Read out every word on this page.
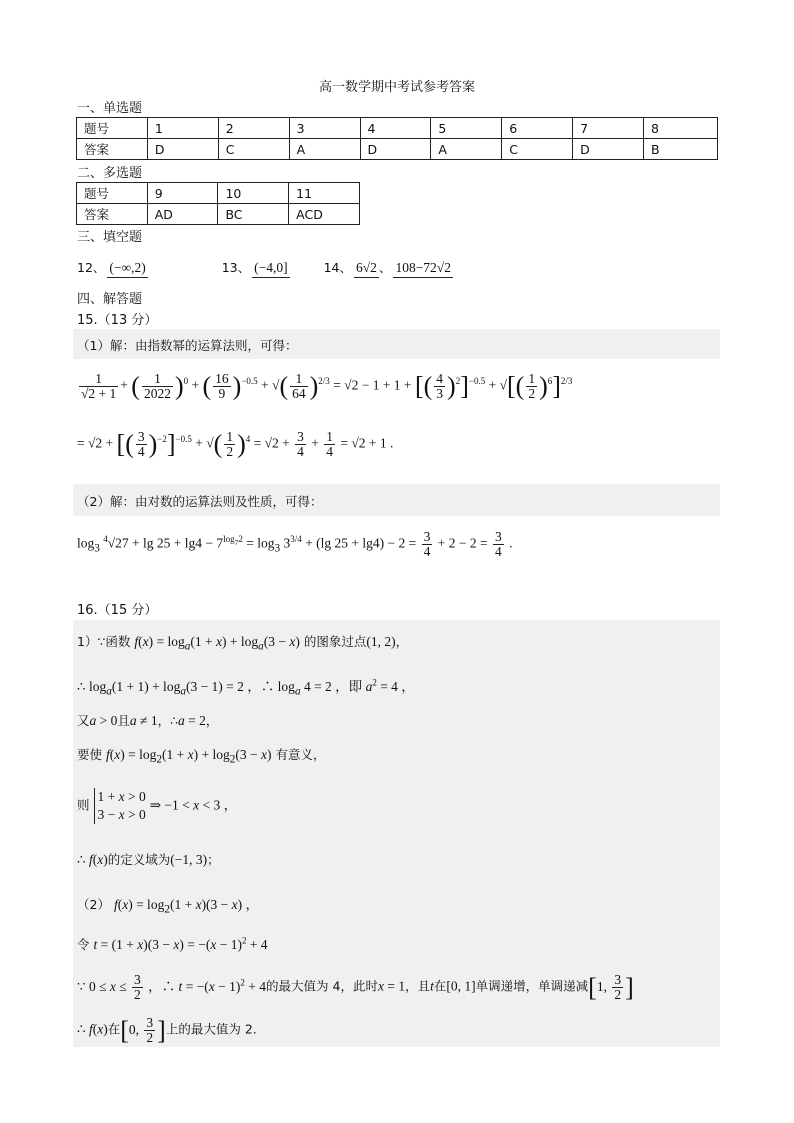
高一数学期中考试参考答案
一、单选题
题号	1	2	3	4	5	6	7	8
答案	D	C	A	D	A	C	D	B
二、多选题
题号	9	10	11
答案	AD	BC	ACD
三、填空题
12、 (−∞,2)	13、 (−4,0]	14、 6√2 、 108−72√2
四、解答题
15.（13 分）
（1）解：由指数幂的运算法则，可得：
$\frac{1}{√2 + 1}$ + ( $\frac{1}{2022} )^0$ + ( $\frac{16}{9} )^{-0.5}$ + √( $\frac{1}{64} )^{2/3} = √2 - 1 + 1$ + [( $\frac{4}{3} )^2]^{-0.5}$ + √[( $\frac{1}{2} )^6]^{2/3}$
= √2 + [( $\frac{3}{4} )^{-2}]^{-0.5}$ + √( $\frac{1}{2} )^4 = √2 + \frac{3}{4} + \frac{1}{4} = √2 + 1$ .
（2）解：由对数的运算法则及性质，可得：
$\log_3 ^4√27 + \lg 25 + \lg 4 - 7^{log_72} = \log_3 3^{3/4} + (\lg$ $25 + \lg 4) - 2 = \frac{3}{4} + 2 - 2 = \frac{3}{4}$ .
16.（15 分）
1）∵函数 $f(x) = \log_a(1 + x) + \log_a(3 - x)$ 的图象过点(1, 2)，
∴ $\log_a(1 + 1) + \log_a(3 - 1) = 2$ ，∴ $\log_a 4 = 2$ ，即 $a^2 = 4$ ，
又a > 0且a ≠ 1，∴a = 2，
要使 $f(x) = \log_2(1 + x) + \log_2(3 - x)$ 有意义，
则 1 + x > 0
3 − x > 0 ⇒ −1 < x < 3 ，
∴ f(x)的定义域为(−1, 3)；
（2） $f(x) = \log_2(1 + x)(3 - x)$ ，
令 $t = (1 + x)(3 - x) = -(x - 1)^2 + 4$
∵ $0 \le x \le \frac{3}{2}$ ，∴ $t = -(x - 1)^2 + 4$的最大值为 4，此时x = 1，且t在[0, 1]单调递增，单调递减[1, $\frac{3}{2}$ ]
∴ f(x)在[0, $\frac{3}{2}$ ]上的最大值为 2.
